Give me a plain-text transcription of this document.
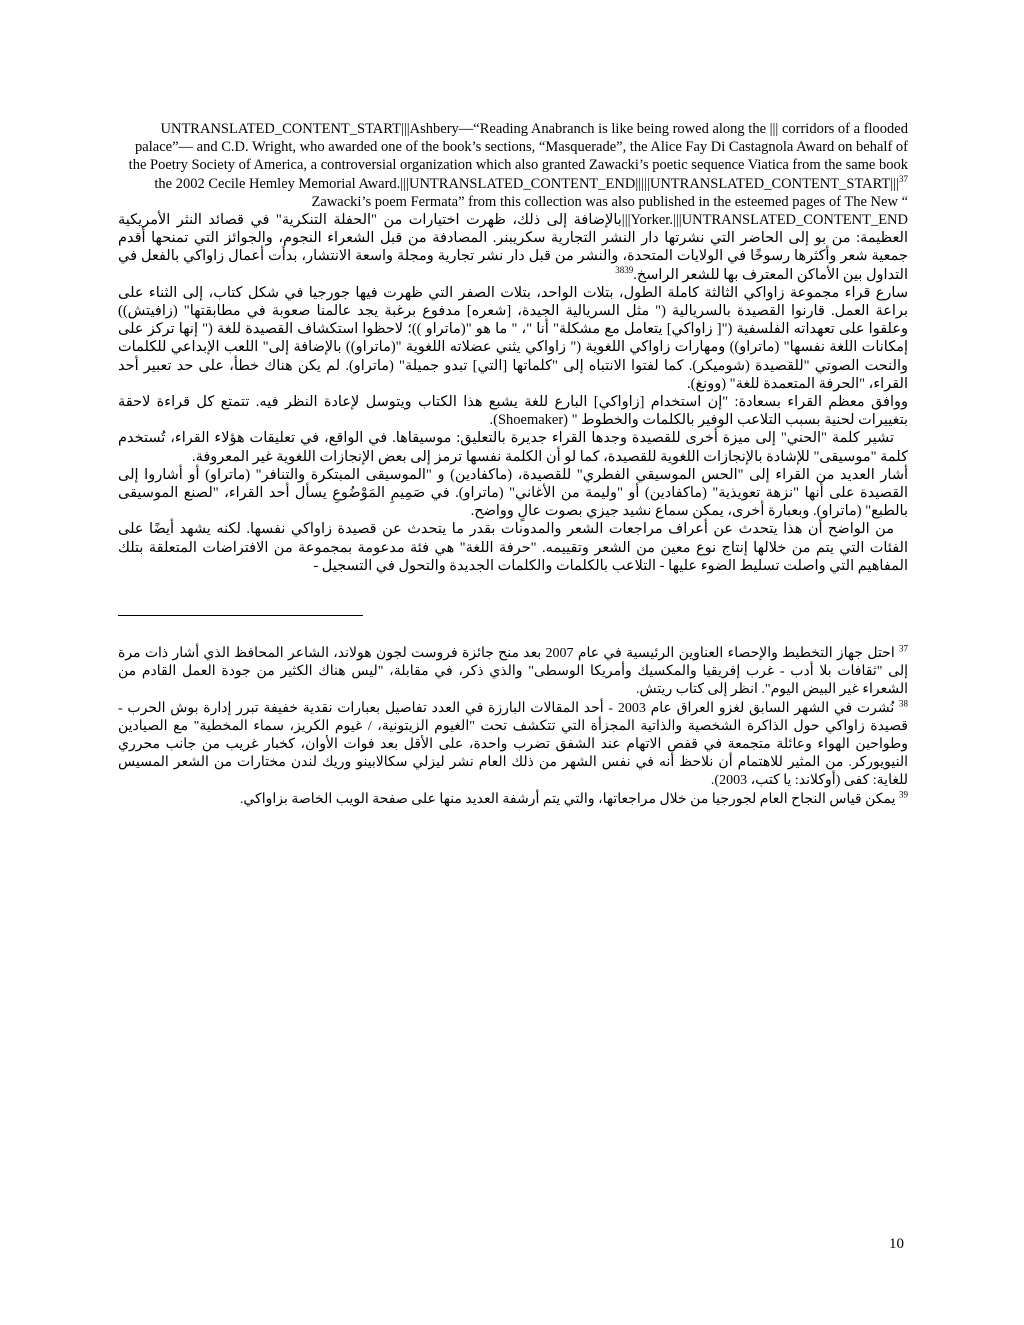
UNTRANSLATED_CONTENT_START|||Ashbery—“Reading Anabranch is like being rowed along the ||| corridors of a flooded palace”— and C.D. Wright, who awarded one of the book’s sections, “Masquerade”, the Alice Fay Di Castagnola Award on behalf of the Poetry Society of America, a controversial organization which also granted Zawacki’s poetic sequence Viatica from the same book the 2002 Cecile Hemley Memorial $Award.|||UNTRANSLATED\_CONTENT\_END|||||UNTRANSLATED\_CONTENT\_START|||^{37}$ Zawacki’s poem Fermata” from this collection was also published in the esteemed pages of The New “

Yorker.|||UNTRANSLATED_CONTENT_END|||بالإضافة إلى ذلك، ظهرت اختيارات من "الحفلة التنكرية" في قصائد النثر الأمريكية العظيمة: من بو إلى الحاضر التي نشرتها دار النشر التجارية سكريبنر. المصادفة من قبل الشعراء النجوم، والجوائز التي تمنحها أقدم جمعية شعر وأكثرها رسوخًا في الولايات المتحدة، والنشر من قبل دار نشر تجارية ومجلة واسعة الانتشار، بدأت أعمال زاواكي بالفعل في التداول بين الأماكن المعترف بها للشعر الراسخ.$^{3839}$

سارع قراء مجموعة زاواكي الثالثة كاملة الطول، بتلات الواحد، بتلات الصفر التي ظهرت فيها جورجيا في شكل كتاب، إلى الثناء على براعة العمل. قارنوا القصيدة بالسريالية (" مثل السريالية الجيدة، [شعره] مدفوع برغبة يجد عالمنا صعوبة في مطابقتها" (زافيتش)) وعلقوا على تعهداته الفلسفية ("[ زاواكي] يتعامل مع مشكلة" أنا "، " ما هو "(ماتراو ))؛ لاحظوا استكشاف القصيدة للغة (" إنها تركز على إمكانات اللغة نفسها" (ماتراو)) ومهارات زاواكي اللغوية (" زاواكي يثني عضلاته اللغوية "(ماتراو)) بالإضافة إلى" اللعب الإبداعي للكلمات والنحت الصوتي "للقصيدة (شوميكر). كما لفتوا الانتباه إلى "كلماتها [التي] تبدو جميلة" (ماتراو). لم يكن هناك خطأ، على حد تعبير أحد القراء، "الحرفة المتعمدة للغة" (وونغ).

ووافق معظم القراء بسعادة: "إن استخدام [زاواكي] البارع للغة يشبع هذا الكتاب ويتوسل لإعادة النظر فيه. تتمتع كل قراءة لاحقة بتغييرات لحنية بسبب التلاعب الوفير بالكلمات والخطوط " (Shoemaker).

تشير كلمة "الحني" إلى ميزة أخرى للقصيدة وجدها القراء جديرة بالتعليق: موسيقاها. في الواقع، في تعليقات هؤلاء القراء، تُستخدم كلمة "موسيقى" للإشادة بالإنجازات اللغوية للقصيدة، كما لو أن الكلمة نفسها ترمز إلى بعض الإنجازات اللغوية غير المعروفة.

أشار العديد من القراء إلى "الحس الموسيقي الفطري" للقصيدة، (ماكفادين) و "الموسيقى المبتكرة والتنافر" (ماتراو) أو أشاروا إلى القصيدة على أنها "نزهة تعويذية" (ماكفادين) أو "وليمة من الأغاني" (ماتراو). في صَمِيمِ المَوْضُوعِ يسأل أحد القراء، "لصنع الموسيقى بالطبع" (ماتراو). وبعبارة أخرى، يمكن سماع نشيد جيزي بصوت عالٍ وواضح.

من الواضح أن هذا يتحدث عن أعراف مراجعات الشعر والمدونات بقدر ما يتحدث عن قصيدة زاواكي نفسها. لكنه يشهد أيضًا على الفئات التي يتم من خلالها إنتاج نوع معين من الشعر وتقييمه. "حرفة اللغة" هي فئة مدعومة بمجموعة من الافتراضات المتعلقة بتلك المفاهيم التي واصلت تسليط الضوء عليها - التلاعب بالكلمات والكلمات الجديدة والتحول في التسجيل -

$^{37}$ احتل جهاز التخطيط والإحصاء العناوين الرئيسية في عام 2007 بعد منح جائزة فروست لجون هولاند، الشاعر المحافظ الذي أشار ذات مرة إلى "ثقافات بلا أدب - غرب إفريقيا والمكسيك وأمريكا الوسطى" والذي ذكر، في مقابلة، "ليس هناك الكثير من جودة العمل القادم من الشعراء غير البيض اليوم". انظر إلى كتاب ريتش.

$^{38}$ نُشرت في الشهر السابق لغزو العراق عام 2003 - أحد المقالات البارزة في العدد تفاصيل بعبارات نقدية خفيفة تبرر إدارة بوش الحرب - قصيدة زاواكي حول الذاكرة الشخصية والذاتية المجزأة التي تتكشف تحت "الغيوم الزيتونية، / غيوم الكريز، سماء المخطية" مع الصيادين وطواحين الهواء وعائلة متجمعة في قفص الاتهام عند الشفق تضرب واحدة، على الأقل بعد فوات الأوان، كخبار غريب من جانب محرري النيويوركر. من المثير للاهتمام أن نلاحظ أنه في نفس الشهر من ذلك العام نشر ليزلي سكالابينو وريك لندن مختارات من الشعر المسيس للغاية: كفى (أوكلاند: يا كتب، 2003).

$^{39}$ يمكن قياس النجاح العام لجورجيا من خلال مراجعاتها، والتي يتم أرشفة العديد منها على صفحة الويب الخاصة بزاواكي.

10
